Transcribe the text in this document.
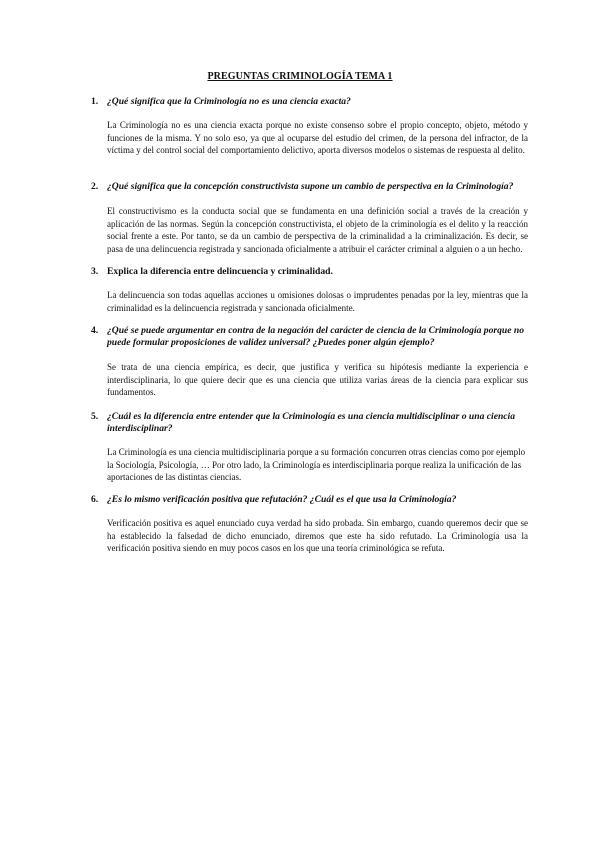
PREGUNTAS CRIMINOLOGÍA TEMA 1
1. ¿Qué significa que la Criminología no es una ciencia exacta?
La Criminología no es una ciencia exacta porque no existe consenso sobre el propio concepto, objeto, método y funciones de la misma. Y no solo eso, ya que al ocuparse del estudio del crimen, de la persona del infractor, de la víctima y del control social del comportamiento delictivo, aporta diversos modelos o sistemas de respuesta al delito.
2. ¿Qué significa que la concepción constructivista supone un cambio de perspectiva en la Criminología?
El constructivismo es la conducta social que se fundamenta en una definición social a través de la creación y aplicación de las normas. Según la concepción constructivista, el objeto de la criminología es el delito y la reacción social frente a este. Por tanto, se da un cambio de perspectiva de la criminalidad a la criminalización. Es decir, se pasa de una delincuencia registrada y sancionada oficialmente a atribuir el carácter criminal a alguien o a un hecho.
3. Explica la diferencia entre delincuencia y criminalidad.
La delincuencia son todas aquellas acciones u omisiones dolosas o imprudentes penadas por la ley, mientras que la criminalidad es la delincuencia registrada y sancionada oficialmente.
4. ¿Qué se puede argumentar en contra de la negación del carácter de ciencia de la Criminología porque no puede formular proposiciones de validez universal? ¿Puedes poner algún ejemplo?
Se trata de una ciencia empírica, es decir, que justifica y verifica su hipótesis mediante la experiencia e interdisciplinaria, lo que quiere decir que es una ciencia que utiliza varias áreas de la ciencia para explicar sus fundamentos.
5. ¿Cuál es la diferencia entre entender que la Criminología es una ciencia multidisciplinar o una ciencia interdisciplinar?
La Criminología es una ciencia multidisciplinaria porque a su formación concurren otras ciencias como por ejemplo la Sociología, Psicología, … Por otro lado, la Criminología es interdisciplinaria porque realiza la unificación de las aportaciones de las distintas ciencias.
6. ¿Es lo mismo verificación positiva que refutación? ¿Cuál es el que usa la Criminología?
Verificación positiva es aquel enunciado cuya verdad ha sido probada. Sin embargo, cuando queremos decir que se ha establecido la falsedad de dicho enunciado, diremos que este ha sido refutado. La Criminología usa la verificación positiva siendo en muy pocos casos en los que una teoría criminológica se refuta.
